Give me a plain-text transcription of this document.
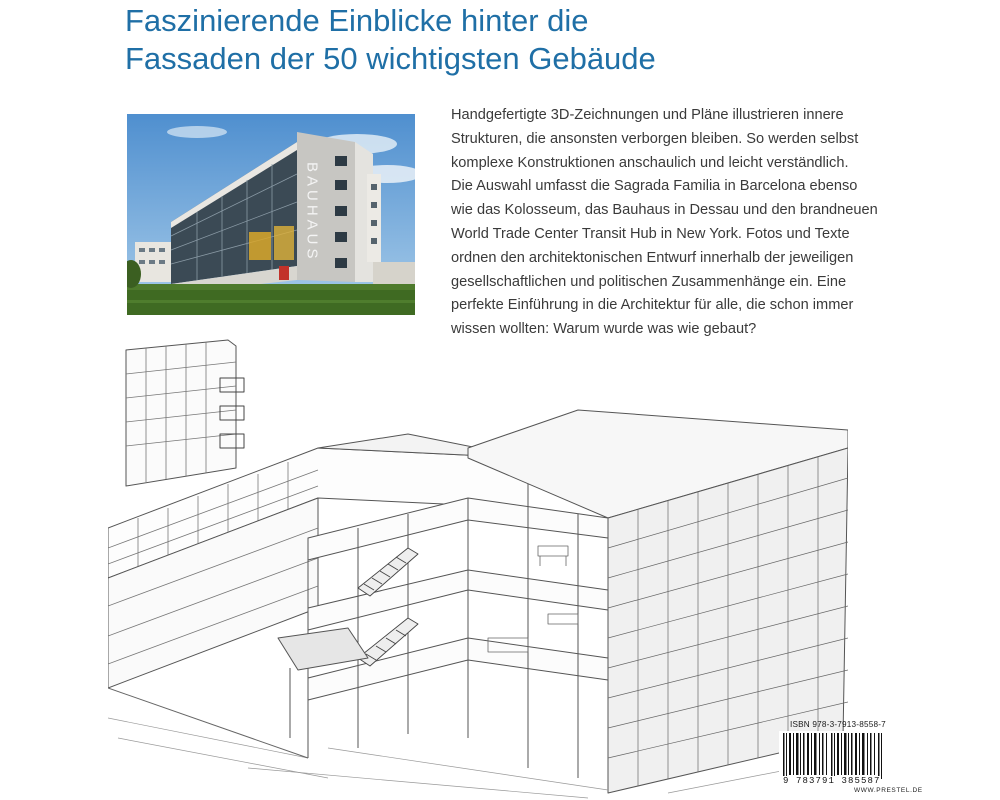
Faszinierende Einblicke hinter die
Fassaden der 50 wichtigsten Gebäude
BAUHAUS

Handgefertigte 3D-Zeichnungen und Pläne illustrieren innere
Strukturen, die ansonsten verborgen bleiben. So werden selbst
komplexe Konstruktionen anschaulich und leicht verständlich.
Die Auswahl umfasst die Sagrada Familia in Barcelona ebenso
wie das Kolosseum, das Bauhaus in Dessau und den brandneuen
World Trade Center Transit Hub in New York. Fotos und Texte
ordnen den architektonischen Entwurf innerhalb der jeweiligen
gesellschaftlichen und politischen Zusammenhänge ein. Eine
perfekte Einführung in die Architektur für alle, die schon immer
wissen wollten: Warum wurde was wie gebaut?

ISBN 978-3-7913-8558-7
9 783791 385587
WWW.PRESTEL.DE
